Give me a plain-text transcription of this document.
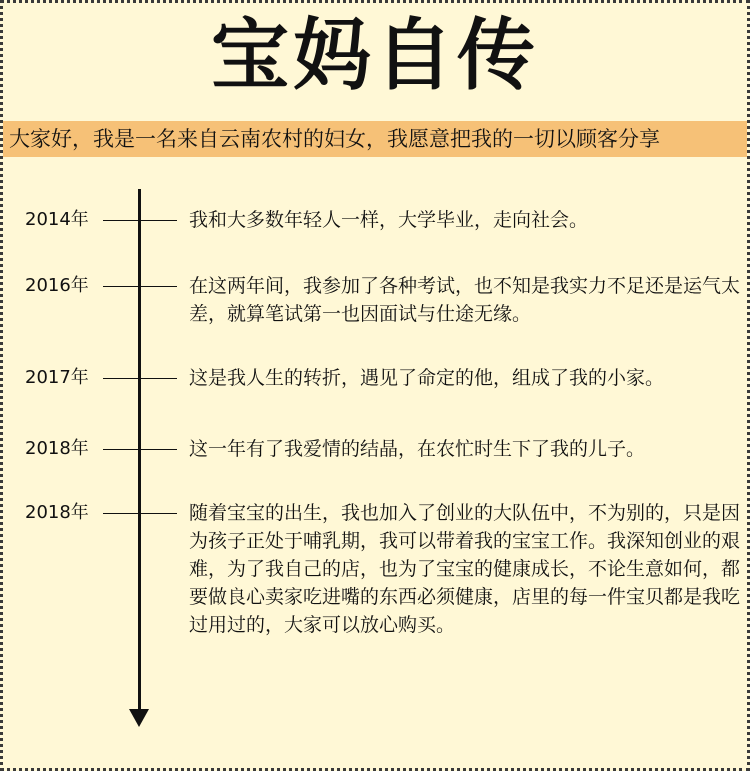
宝妈自传
大家好，我是一名来自云南农村的妇女，我愿意把我的一切以顾客分享
2014年	我和大多数年轻人一样，大学毕业，走向社会。
2016年	在这两年间，我参加了各种考试，也不知是我实力不足还是运气太差，就算笔试第一也因面试与仕途无缘。
2017年	这是我人生的转折，遇见了命定的他，组成了我的小家。
2018年	这一年有了我爱情的结晶，在农忙时生下了我的儿子。
2018年	随着宝宝的出生，我也加入了创业的大队伍中，不为别的，只是因为孩子正处于哺乳期，我可以带着我的宝宝工作。我深知创业的艰难，为了我自己的店，也为了宝宝的健康成长，不论生意如何，都要做良心卖家吃进嘴的东西必须健康，店里的每一件宝贝都是我吃过用过的，大家可以放心购买。
